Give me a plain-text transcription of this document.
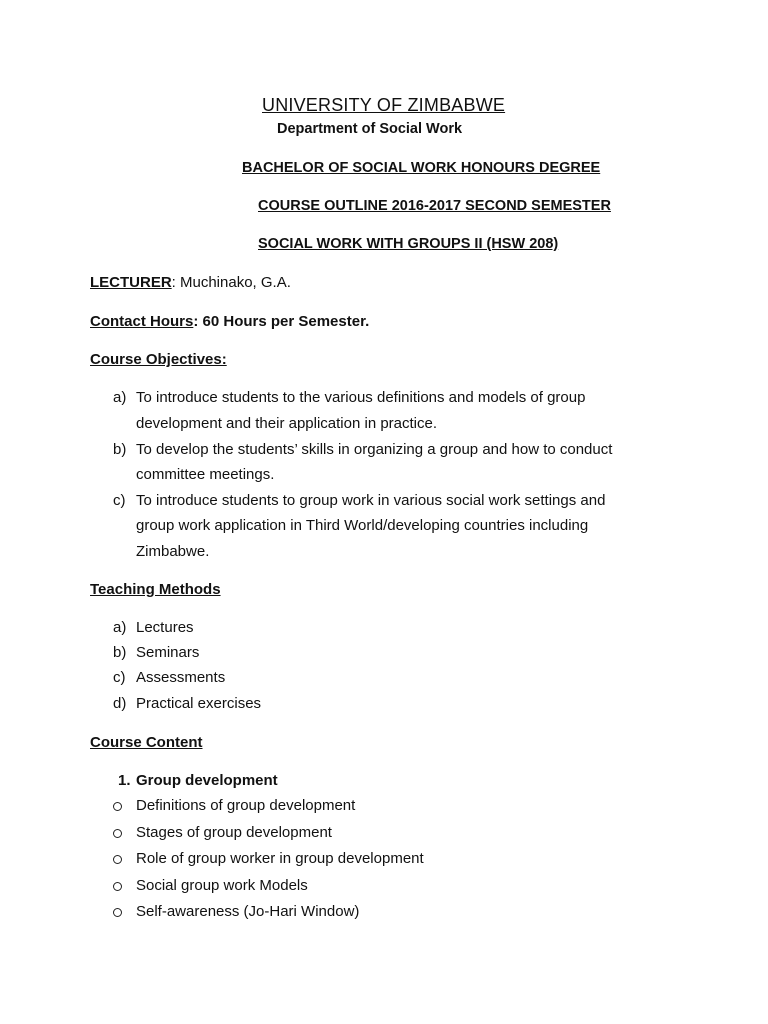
UNIVERSITY OF ZIMBABWE
Department of Social Work
BACHELOR OF SOCIAL WORK HONOURS DEGREE
COURSE OUTLINE 2016-2017 SECOND SEMESTER
SOCIAL WORK WITH GROUPS II (HSW 208)
LECTURER: Muchinako, G.A.
Contact Hours: 60 Hours per Semester.
Course Objectives:
a) To introduce students to the various definitions and models of group
development and their application in practice.
b) To develop the students’ skills in organizing a group and how to conduct
committee meetings.
c) To introduce students to group work in various social work settings and
group work application in Third World/developing countries including
Zimbabwe.
Teaching Methods
a) Lectures
b) Seminars
c) Assessments
d) Practical exercises
Course Content
1. Group development
Definitions of group development
Stages of group development
Role of group worker in group development
Social group work Models
Self-awareness (Jo-Hari Window)
